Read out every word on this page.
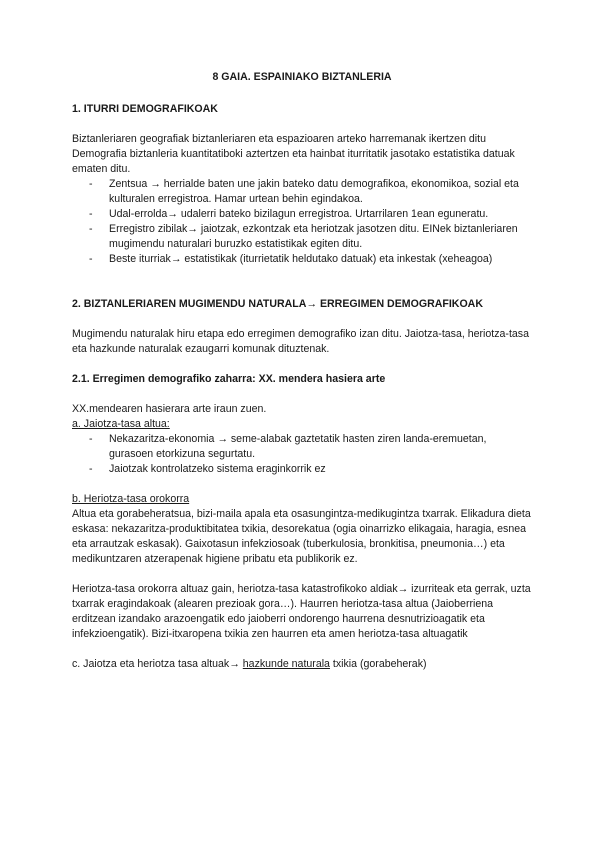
8 GAIA. ESPAINIAKO BIZTANLERIA
1. ITURRI DEMOGRAFIKOAK
Biztanleriaren geografiak biztanleriaren eta espazioaren arteko harremanak ikertzen ditu
Demografia biztanleria kuantitatiboki aztertzen eta hainbat iturritatik jasotako estatistika datuak ematen ditu.
- Zentsua → herrialde baten une jakin bateko datu demografikoa, ekonomikoa, sozial eta kulturalen erregistroa. Hamar urtean behin egindakoa.
- Udal-errolda→ udalerri bateko bizilagun erregistroa. Urtarrilaren 1ean eguneratu.
- Erregistro zibilak→ jaiotzak, ezkontzak eta heriotzak jasotzen ditu. EINek biztanleriaren mugimendu naturalari buruzko estatistikak egiten ditu.
- Beste iturriak→ estatistikak (iturrietatik heldutako datuak) eta inkestak (xeheagoa)
2. BIZTANLERIAREN MUGIMENDU NATURALA→ ERREGIMEN DEMOGRAFIKOAK
Mugimendu naturalak hiru etapa edo erregimen demografiko izan ditu. Jaiotza-tasa, heriotza-tasa eta hazkunde naturalak ezaugarri komunak dituztenak.
2.1. Erregimen demografiko zaharra: XX. mendera hasiera arte
XX.mendearen hasierara arte iraun zuen.
a. Jaiotza-tasa altua:
- Nekazaritza-ekonomia → seme-alabak gaztetatik hasten ziren landa-eremuetan, gurasoen etorkizuna segurtatu.
- Jaiotzak kontrolatzeko sistema eraginkorrik ez
b. Heriotza-tasa orokorra
Altua eta gorabeheratsua, bizi-maila apala eta osasungintza-medikugintza txarrak. Elikadura dieta eskasa: nekazaritza-produktibitatea txikia, desorekatua (ogia oinarrizko elikagaia, haragia, esnea eta arrautzak eskasak). Gaixotasun infekziosoak (tuberkulosia, bronkitisa, pneumonia…) eta medikuntzaren atzerapenak higiene pribatu eta publikorik ez.
Heriotza-tasa orokorra altuaz gain, heriotza-tasa katastrofikoko aldiak→ izurriteak eta gerrak, uzta txarrak eragindakoak (alearen prezioak gora…). Haurren heriotza-tasa altua (Jaioberriena erditzean izandako arazoengatik edo jaioberri ondorengo haurrena desnutrizioagatik eta infekzioengatik). Bizi-itxaropena txikia zen haurren eta amen heriotza-tasa altuagatik
c. Jaiotza eta heriotza tasa altuak→ hazkunde naturala txikia (gorabeherak)
